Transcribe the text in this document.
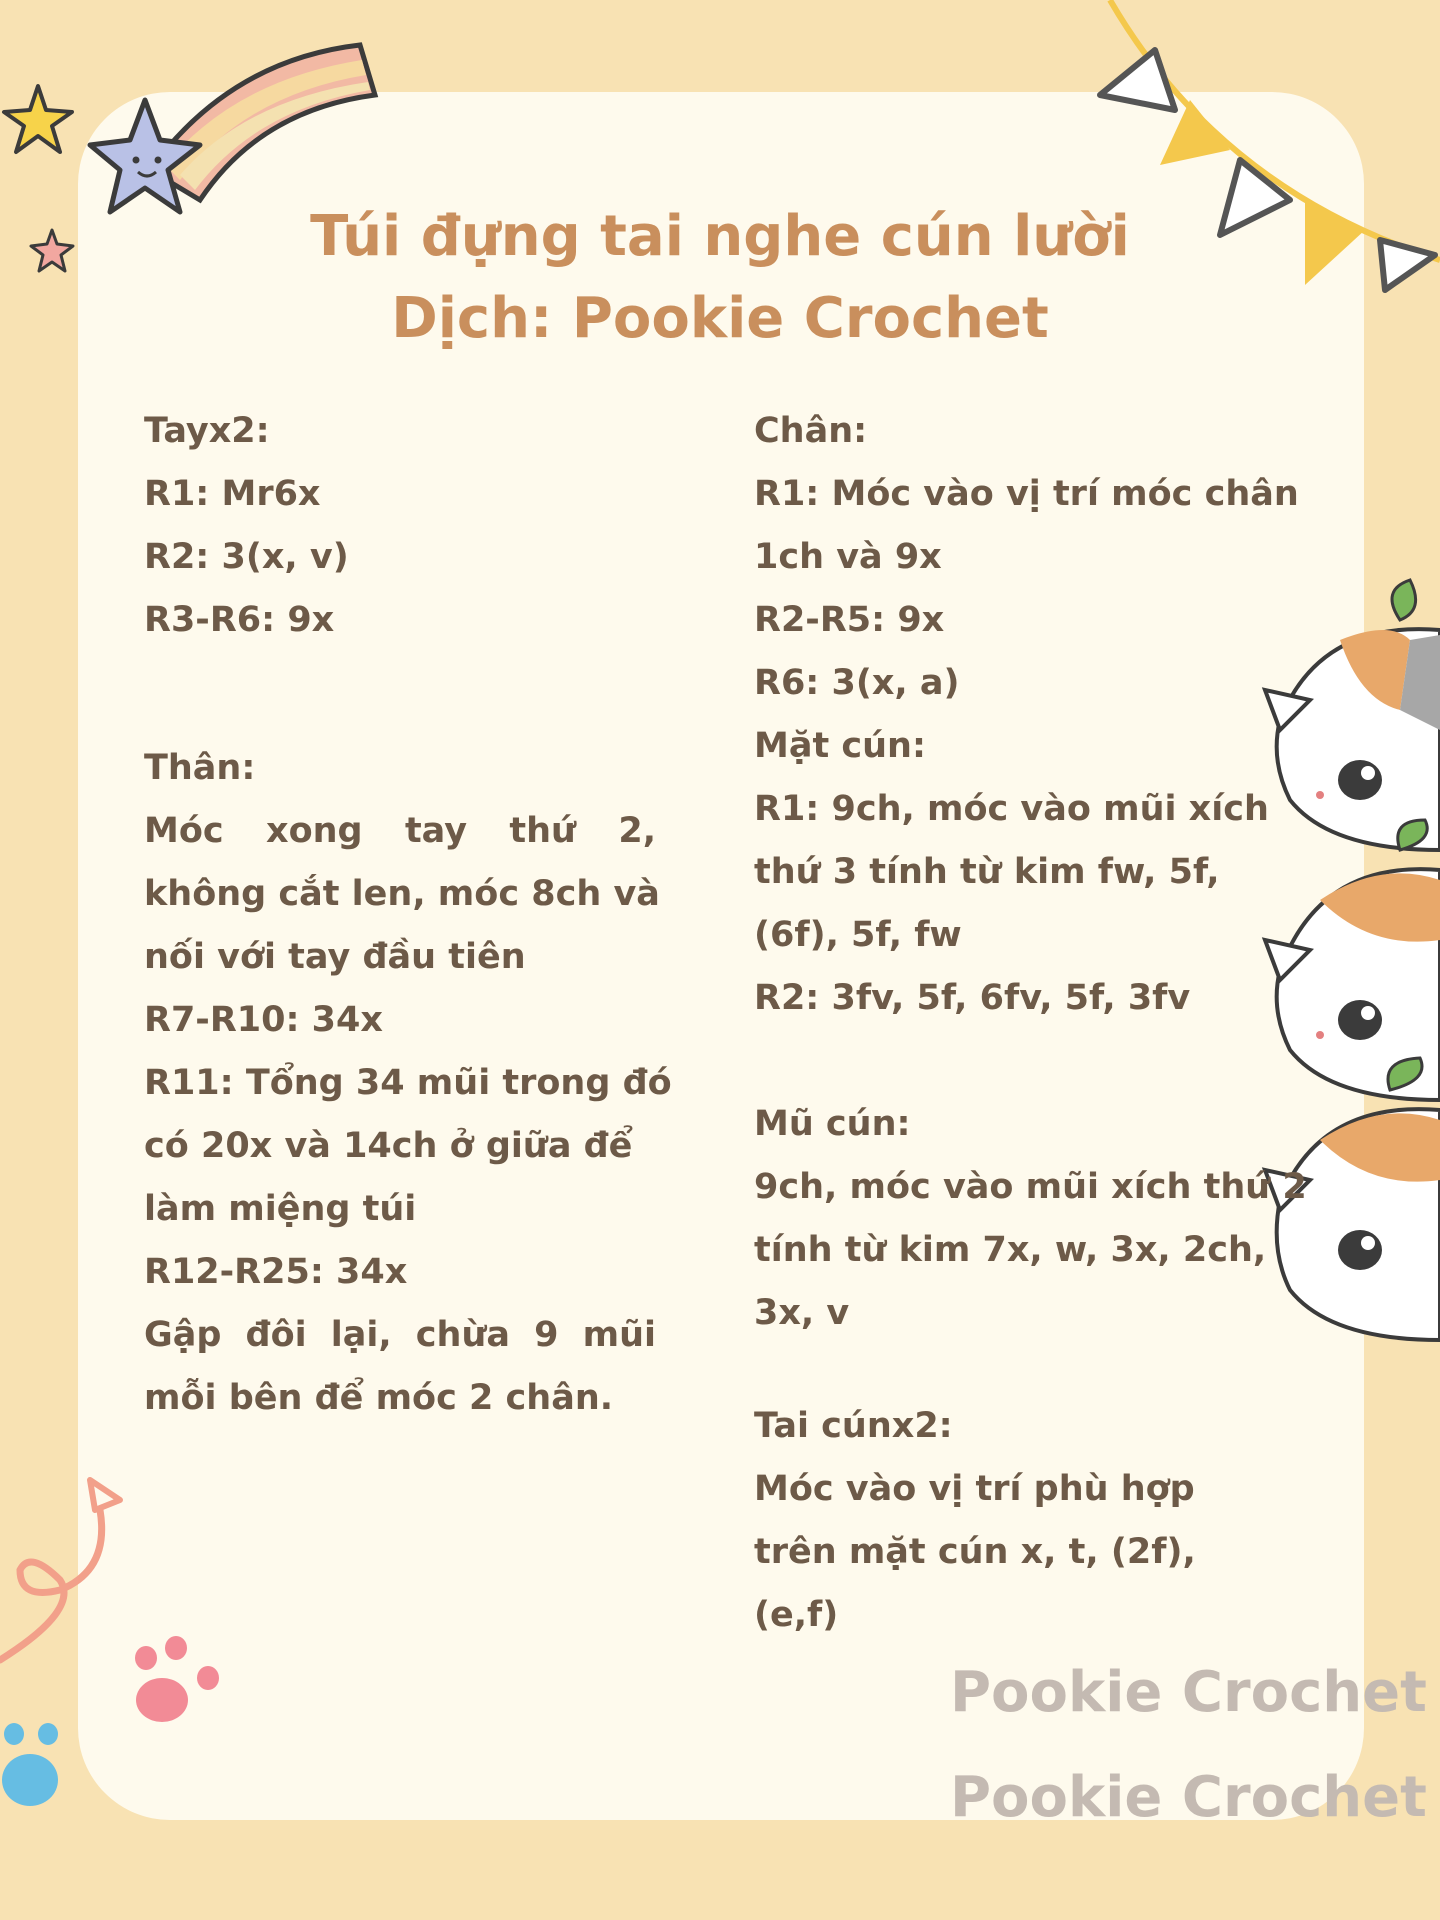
Túi đựng tai nghe cún lười
Dịch: Pookie Crochet
Tayx2:
R1: Mr6x
R2: 3(x, v)
R3-R6: 9x
Thân:
Móc xong tay thứ 2,
không cắt len, móc 8ch và
nối với tay đầu tiên
R7-R10: 34x
R11: Tổng 34 mũi trong đó
có 20x và 14ch ở giữa để
làm miệng túi
R12-R25: 34x
Gập đôi lại, chừa 9 mũi
mỗi bên để móc 2 chân.
Chân:
R1: Móc vào vị trí móc chân
1ch và 9x
R2-R5: 9x
R6: 3(x, a)
Mặt cún:
R1: 9ch, móc vào mũi xích
thứ 3 tính từ kim fw, 5f,
(6f), 5f, fw
R2: 3fv, 5f, 6fv, 5f, 3fv
Mũ cún:
9ch, móc vào mũi xích thứ 2
tính từ kim 7x, w, 3x, 2ch,
3x, v
Tai cúnx2:
Móc vào vị trí phù hợp
trên mặt cún x, t, (2f),
(e,f)
Pookie Crochet
Pookie Crochet
